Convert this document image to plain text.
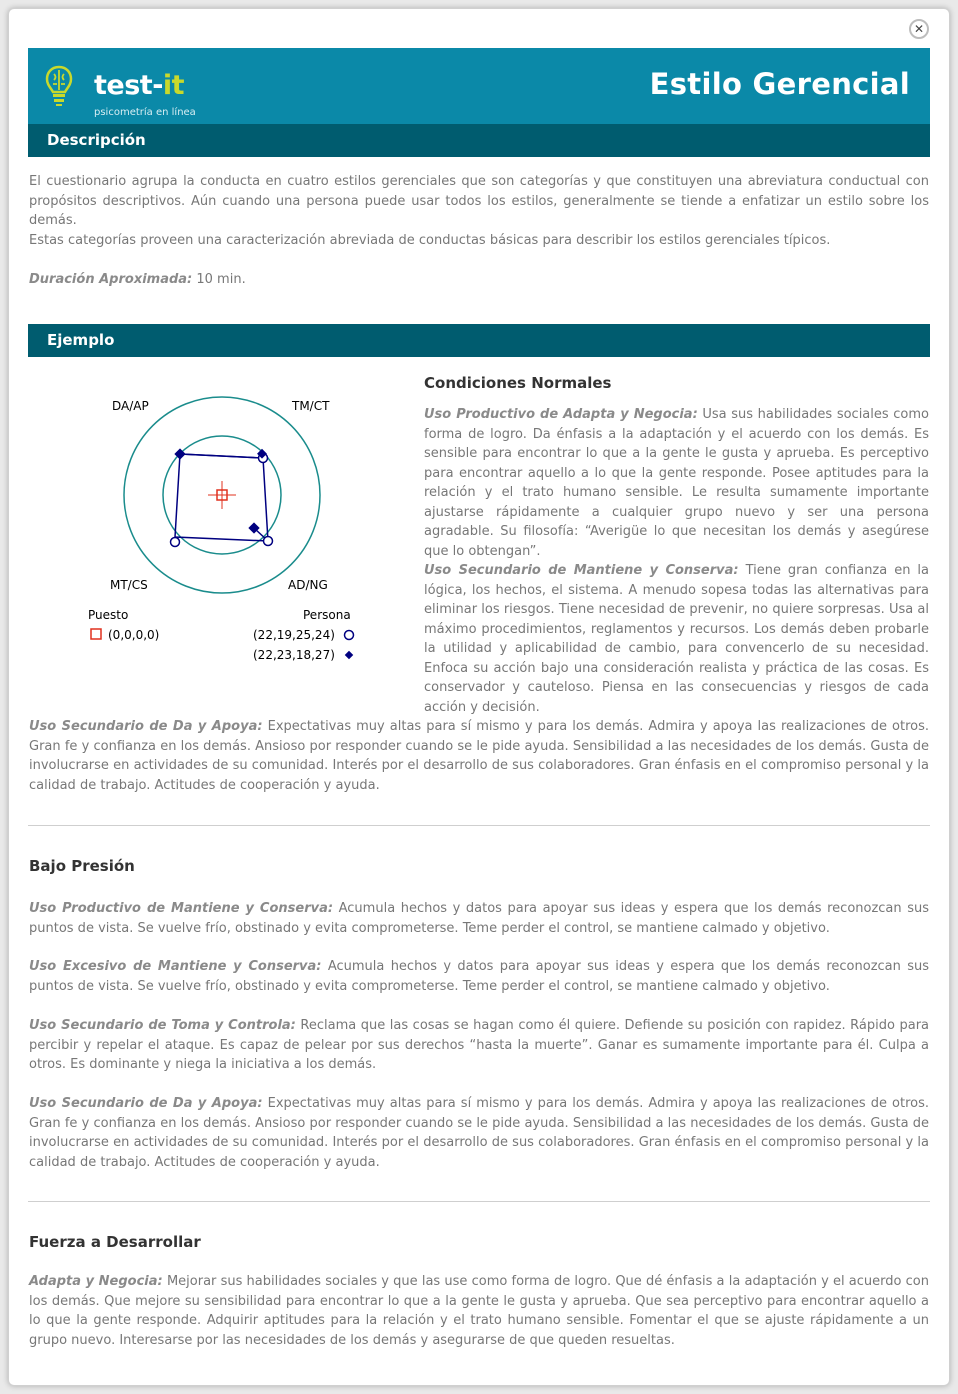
✕
test-it
psicometría en línea
Estilo Gerencial
Descripción
El cuestionario agrupa la conducta en cuatro estilos gerenciales que son categorías y que constituyen una abreviatura conductual con propósitos descriptivos. Aún cuando una persona puede usar todos los estilos, generalmente se tiende a enfatizar un estilo sobre los demás.
Estas categorías proveen una caracterización abreviada de conductas básicas para describir los estilos gerenciales típicos.
Duración Aproximada: 10 min.
Ejemplo
DA/AP	TM/CT
MT/CS	AD/NG
Puesto
(0,0,0,0)
Persona
(22,19,25,24)
(22,23,18,27)
Condiciones Normales
Uso Productivo de Adapta y Negocia: Usa sus habilidades sociales como forma de logro. Da énfasis a la adaptación y el acuerdo con los demás. Es sensible para encontrar lo que a la gente le gusta y aprueba. Es perceptivo para encontrar aquello a lo que la gente responde. Posee aptitudes para la relación y el trato humano sensible. Le resulta sumamente importante ajustarse rápidamente a cualquier grupo nuevo y ser una persona agradable. Su filosofía: “Averigüe lo que necesitan los demás y asegúrese que lo obtengan”.
Uso Secundario de Mantiene y Conserva: Tiene gran confianza en la lógica, los hechos, el sistema. A menudo sopesa todas las alternativas para eliminar los riesgos. Tiene necesidad de prevenir, no quiere sorpresas. Usa al máximo procedimientos, reglamentos y recursos. Los demás deben probarle la utilidad y aplicabilidad de cambio, para convencerlo de su necesidad. Enfoca su acción bajo una consideración realista y práctica de las cosas. Es conservador y cauteloso. Piensa en las consecuencias y riesgos de cada acción y decisión.
Uso Secundario de Da y Apoya: Expectativas muy altas para sí mismo y para los demás. Admira y apoya las realizaciones de otros. Gran fe y confianza en los demás. Ansioso por responder cuando se le pide ayuda. Sensibilidad a las necesidades de los demás. Gusta de involucrarse en actividades de su comunidad. Interés por el desarrollo de sus colaboradores. Gran énfasis en el compromiso personal y la calidad de trabajo. Actitudes de cooperación y ayuda.
Bajo Presión
Uso Productivo de Mantiene y Conserva: Acumula hechos y datos para apoyar sus ideas y espera que los demás reconozcan sus puntos de vista. Se vuelve frío, obstinado y evita comprometerse. Teme perder el control, se mantiene calmado y objetivo.
Uso Excesivo de Mantiene y Conserva: Acumula hechos y datos para apoyar sus ideas y espera que los demás reconozcan sus puntos de vista. Se vuelve frío, obstinado y evita comprometerse. Teme perder el control, se mantiene calmado y objetivo.
Uso Secundario de Toma y Controla: Reclama que las cosas se hagan como él quiere. Defiende su posición con rapidez. Rápido para percibir y repelar el ataque. Es capaz de pelear por sus derechos “hasta la muerte”. Ganar es sumamente importante para él. Culpa a otros. Es dominante y niega la iniciativa a los demás.
Uso Secundario de Da y Apoya: Expectativas muy altas para sí mismo y para los demás. Admira y apoya las realizaciones de otros. Gran fe y confianza en los demás. Ansioso por responder cuando se le pide ayuda. Sensibilidad a las necesidades de los demás. Gusta de involucrarse en actividades de su comunidad. Interés por el desarrollo de sus colaboradores. Gran énfasis en el compromiso personal y la calidad de trabajo. Actitudes de cooperación y ayuda.
Fuerza a Desarrollar
Adapta y Negocia: Mejorar sus habilidades sociales y que las use como forma de logro. Que dé énfasis a la adaptación y el acuerdo con los demás. Que mejore su sensibilidad para encontrar lo que a la gente le gusta y aprueba. Que sea perceptivo para encontrar aquello a lo que la gente responde. Adquirir aptitudes para la relación y el trato humano sensible. Fomentar el que se ajuste rápidamente a un grupo nuevo. Interesarse por las necesidades de los demás y asegurarse de que queden resueltas.
